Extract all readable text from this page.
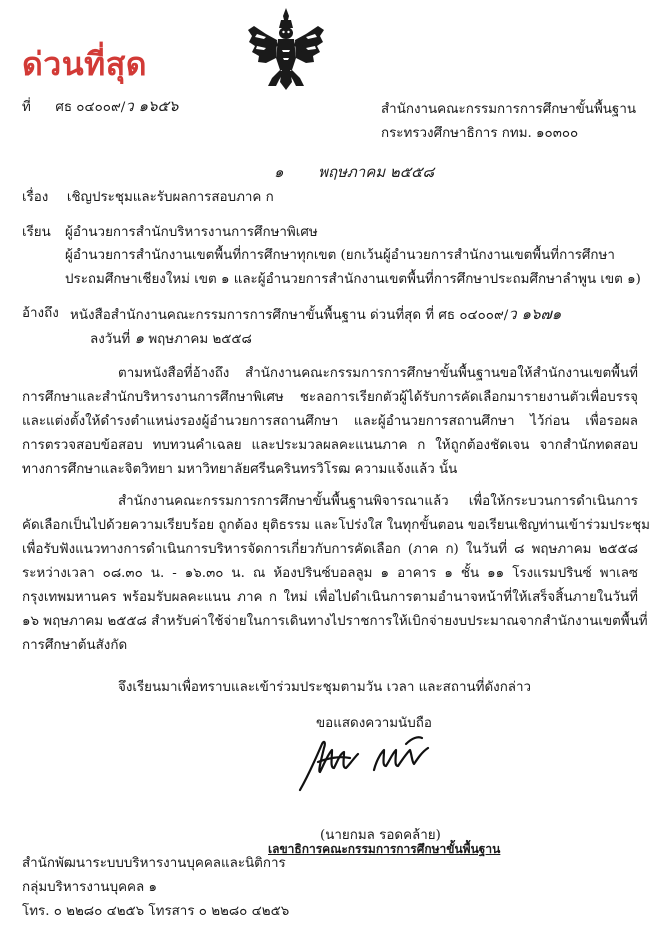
ด่วนที่สุด
ที่ ศธ ๐๔๐๐๙/ว ๑๖๕๖	สำนักงานคณะกรรมการการศึกษาขั้นพื้นฐาน
กระทรวงศึกษาธิการ กทม. ๑๐๓๐๐
๑ พฤษภาคม ๒๕๕๘
เรื่อง เชิญประชุมและรับผลการสอบภาค ก
เรียน ผู้อำนวยการสำนักบริหารงานการศึกษาพิเศษ
ผู้อำนวยการสำนักงานเขตพื้นที่การศึกษาทุกเขต (ยกเว้นผู้อำนวยการสำนักงานเขตพื้นที่การศึกษา
ประถมศึกษาเชียงใหม่ เขต ๑ และผู้อำนวยการสำนักงานเขตพื้นที่การศึกษาประถมศึกษาลำพูน เขต ๑)
อ้างถึง หนังสือสำนักงานคณะกรรมการการศึกษาขั้นพื้นฐาน ด่วนที่สุด ที่ ศธ ๐๔๐๐๙/ว ๑๖๗๑
ลงวันที่ ๑ พฤษภาคม ๒๕๕๘
ตามหนังสือที่อ้างถึง สำนักงานคณะกรรมการการศึกษาขั้นพื้นฐานขอให้สำนักงานเขตพื้นที่
การศึกษาและสำนักบริหารงานการศึกษาพิเศษ ชะลอการเรียกตัวผู้ได้รับการคัดเลือกมารายงานตัวเพื่อบรรจุ
และแต่งตั้งให้ดำรงตำแหน่งรองผู้อำนวยการสถานศึกษา และผู้อำนวยการสถานศึกษา ไว้ก่อน เพื่อรอผล
การตรวจสอบข้อสอบ ทบทวนคำเฉลย และประมวลผลคะแนนภาค ก ให้ถูกต้องชัดเจน จากสำนักทดสอบ
ทางการศึกษาและจิตวิทยา มหาวิทยาลัยศรีนครินทรวิโรฒ ความแจ้งแล้ว นั้น
สำนักงานคณะกรรมการการศึกษาขั้นพื้นฐานพิจารณาแล้ว เพื่อให้กระบวนการดำเนินการ
คัดเลือกเป็นไปด้วยความเรียบร้อย ถูกต้อง ยุติธรรม และโปร่งใส ในทุกขั้นตอน ขอเรียนเชิญท่านเข้าร่วมประชุม
เพื่อรับฟังแนวทางการดำเนินการบริหารจัดการเกี่ยวกับการคัดเลือก (ภาค ก) ในวันที่ ๘ พฤษภาคม ๒๕๕๘
ระหว่างเวลา ๐๘.๓๐ น. - ๑๖.๓๐ น. ณ ห้องปรินซ์บอลลูม ๑ อาคาร ๑ ชั้น ๑๑ โรงแรมปรินซ์ พาเลซ
กรุงเทพมหานคร พร้อมรับผลคะแนน ภาค ก ใหม่ เพื่อไปดำเนินการตามอำนาจหน้าที่ให้เสร็จสิ้นภายในวันที่
๑๖ พฤษภาคม ๒๕๕๘ สำหรับค่าใช้จ่ายในการเดินทางไปราชการให้เบิกจ่ายงบประมาณจากสำนักงานเขตพื้นที่
การศึกษาต้นสังกัด
จึงเรียนมาเพื่อทราบและเข้าร่วมประชุมตามวัน เวลา และสถานที่ดังกล่าว
ขอแสดงความนับถือ
(นายกมล รอดคล้าย)
เลขาธิการคณะกรรมการการศึกษาขั้นพื้นฐาน
สำนักพัฒนาระบบบริหารงานบุคคลและนิติการ
กลุ่มบริหารงานบุคคล ๑
โทร. ๐ ๒๒๘๐ ๔๒๕๖ โทรสาร ๐ ๒๒๘๐ ๔๒๕๖
